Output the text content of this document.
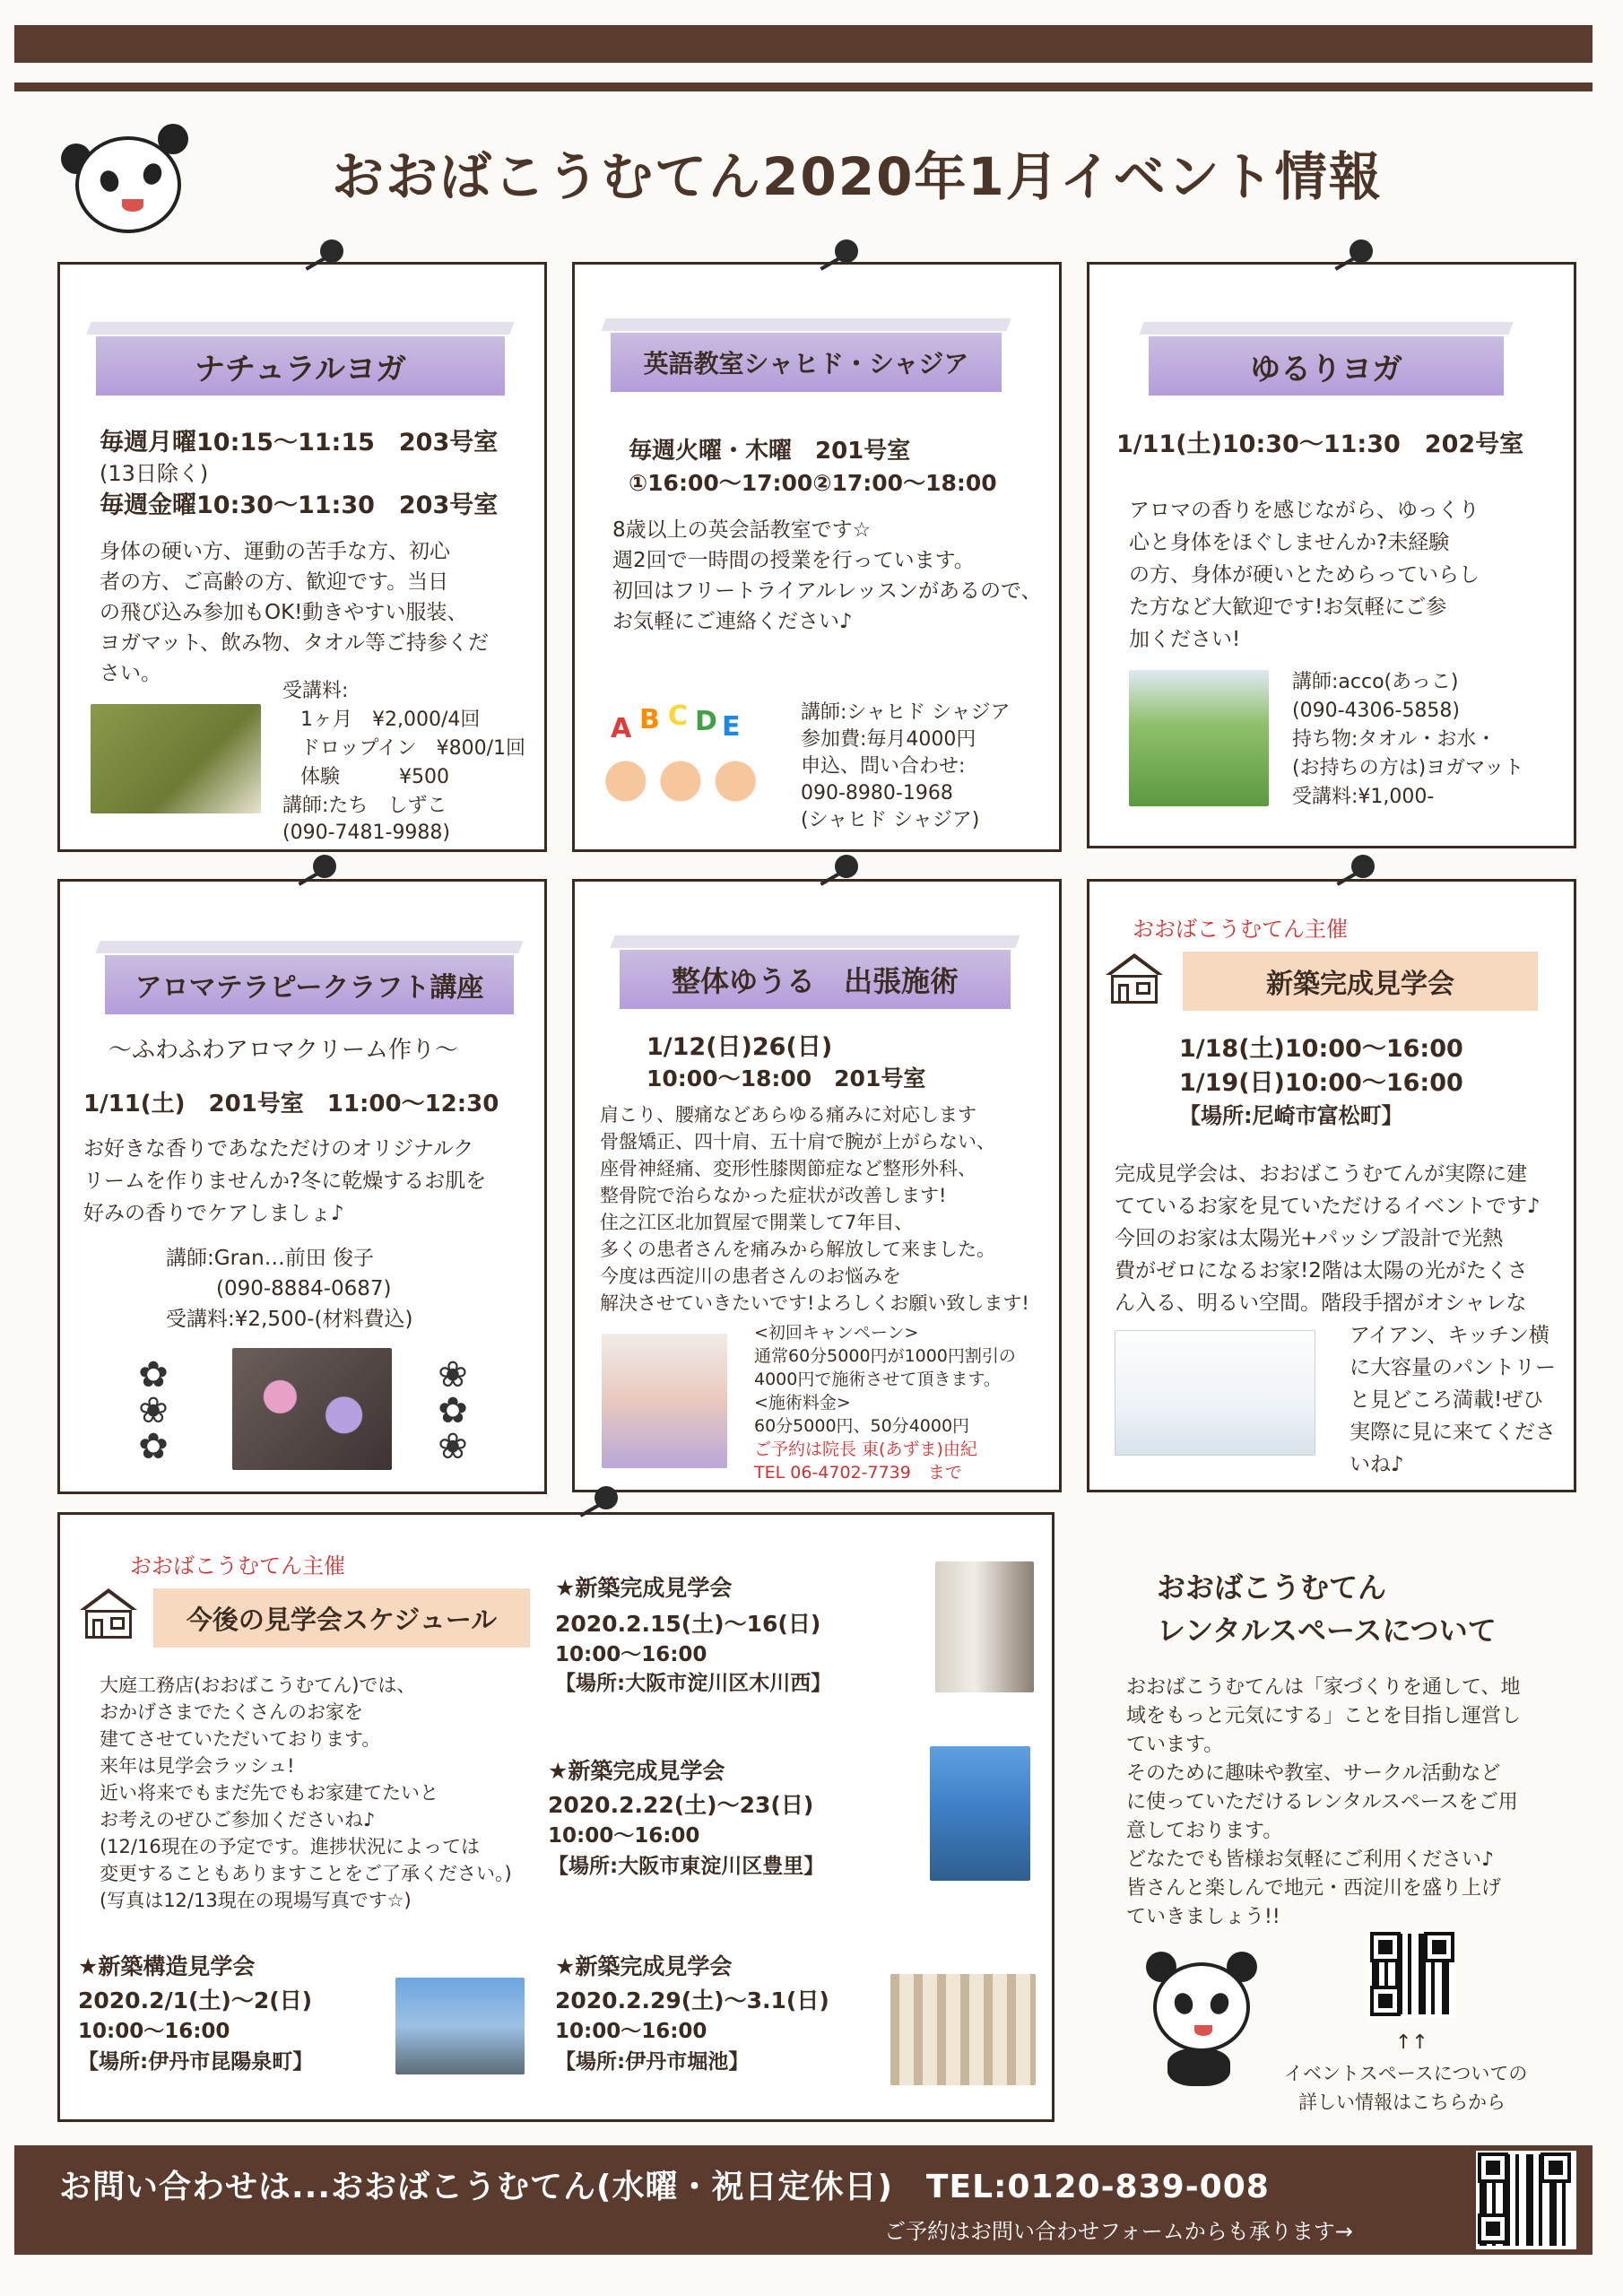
おおばこうむてん2020年1月イベント情報
ナチュラルヨガ
毎週月曜10:15〜11:15　203号室
(13日除く)
毎週金曜10:30〜11:30　203号室
身体の硬い方、運動の苦手な方、初心
者の方、ご高齢の方、歓迎です。当日
の飛び込み参加もOK!動きやすい服装、
ヨガマット、飲み物、タオル等ご持参くだ
さい。
受講料:
1ヶ月　¥2,000/4回
ドロップイン　¥800/1回
体験　　　¥500
講師:たち　しずこ
(090-7481-9988)
英語教室シャヒド・シャジア
毎週火曜・木曜　201号室
①16:00〜17:00②17:00〜18:00
8歳以上の英会話教室です☆
週2回で一時間の授業を行っています。
初回はフリートライアルレッスンがあるので、
お気軽にご連絡ください♪
A B C D E	講師:シャヒド シャジア
参加費:毎月4000円
申込、問い合わせ:
090-8980-1968
(シャヒド シャジア)
ゆるりヨガ
1/11(土)10:30〜11:30　202号室
アロマの香りを感じながら、ゆっくり
心と身体をほぐしませんか?未経験
の方、身体が硬いとためらっていらし
た方など大歓迎です!お気軽にご参
加ください!
講師:acco(あっこ)
(090-4306-5858)
持ち物:タオル・お水・
(お持ちの方は)ヨガマット
受講料:¥1,000-
アロマテラピークラフト講座
〜ふわふわアロマクリーム作り〜
1/11(土)　201号室　11:00〜12:30
お好きな香りであなただけのオリジナルク
リームを作りませんか?冬に乾燥するお肌を
好みの香りでケアしましょ♪
講師:Gran…前田 俊子
(090-8884-0687)
受講料:¥2,500-(材料費込)
✿
❀
✿
❀
✿
❀
整体ゆうる　出張施術
1/12(日)26(日)
10:00〜18:00　201号室
肩こり、腰痛などあらゆる痛みに対応します
骨盤矯正、四十肩、五十肩で腕が上がらない、
座骨神経痛、変形性膝関節症など整形外科、
整骨院で治らなかった症状が改善します!
住之江区北加賀屋で開業して7年目、
多くの患者さんを痛みから解放して来ました。
今度は西淀川の患者さんのお悩みを
解決させていきたいです!よろしくお願い致します!
<初回キャンペーン>
通常60分5000円が1000円割引の
4000円で施術させて頂きます。
<施術料金>
60分5000円、50分4000円
ご予約は院長 東(あずま)由紀
TEL 06-4702-7739　まで
おおばこうむてん主催
新築完成見学会
1/18(土)10:00〜16:00
1/19(日)10:00〜16:00
【場所:尼崎市富松町】
完成見学会は、おおばこうむてんが実際に建
てているお家を見ていただけるイベントです♪
今回のお家は太陽光+パッシブ設計で光熱
費がゼロになるお家!2階は太陽の光がたくさ
ん入る、明るい空間。階段手摺がオシャレな
アイアン、キッチン横
に大容量のパントリー
と見どころ満載!ぜひ
実際に見に来てくださ
いね♪
おおばこうむてん主催
今後の見学会スケジュール
大庭工務店(おおばこうむてん)では、
おかげさまでたくさんのお家を
建てさせていただいております。
来年は見学会ラッシュ!
近い将来でもまだ先でもお家建てたいと
お考えのぜひご参加くださいね♪
(12/16現在の予定です。進捗状況によっては
変更することもありますことをご了承ください。)
(写真は12/13現在の現場写真です☆)
★新築完成見学会
2020.2.15(土)〜16(日)
10:00〜16:00
【場所:大阪市淀川区木川西】
★新築完成見学会
2020.2.22(土)〜23(日)
10:00〜16:00
【場所:大阪市東淀川区豊里】
★新築構造見学会
2020.2/1(土)〜2(日)
10:00〜16:00
【場所:伊丹市昆陽泉町】
★新築完成見学会
2020.2.29(土)〜3.1(日)
10:00〜16:00
【場所:伊丹市堀池】
おおばこうむてん
レンタルスペースについて
おおばこうむてんは「家づくりを通して、地
域をもっと元気にする」ことを目指し運営し
ています。
そのために趣味や教室、サークル活動など
に使っていただけるレンタルスペースをご用
意しております。
どなたでも皆様お気軽にご利用ください♪
皆さんと楽しんで地元・西淀川を盛り上げ
ていきましょう!!
↑↑
イベントスペースについての
詳しい情報はこちらから
お問い合わせは...おおばこうむてん(水曜・祝日定休日)　TEL:0120-839-008
ご予約はお問い合わせフォームからも承ります→
